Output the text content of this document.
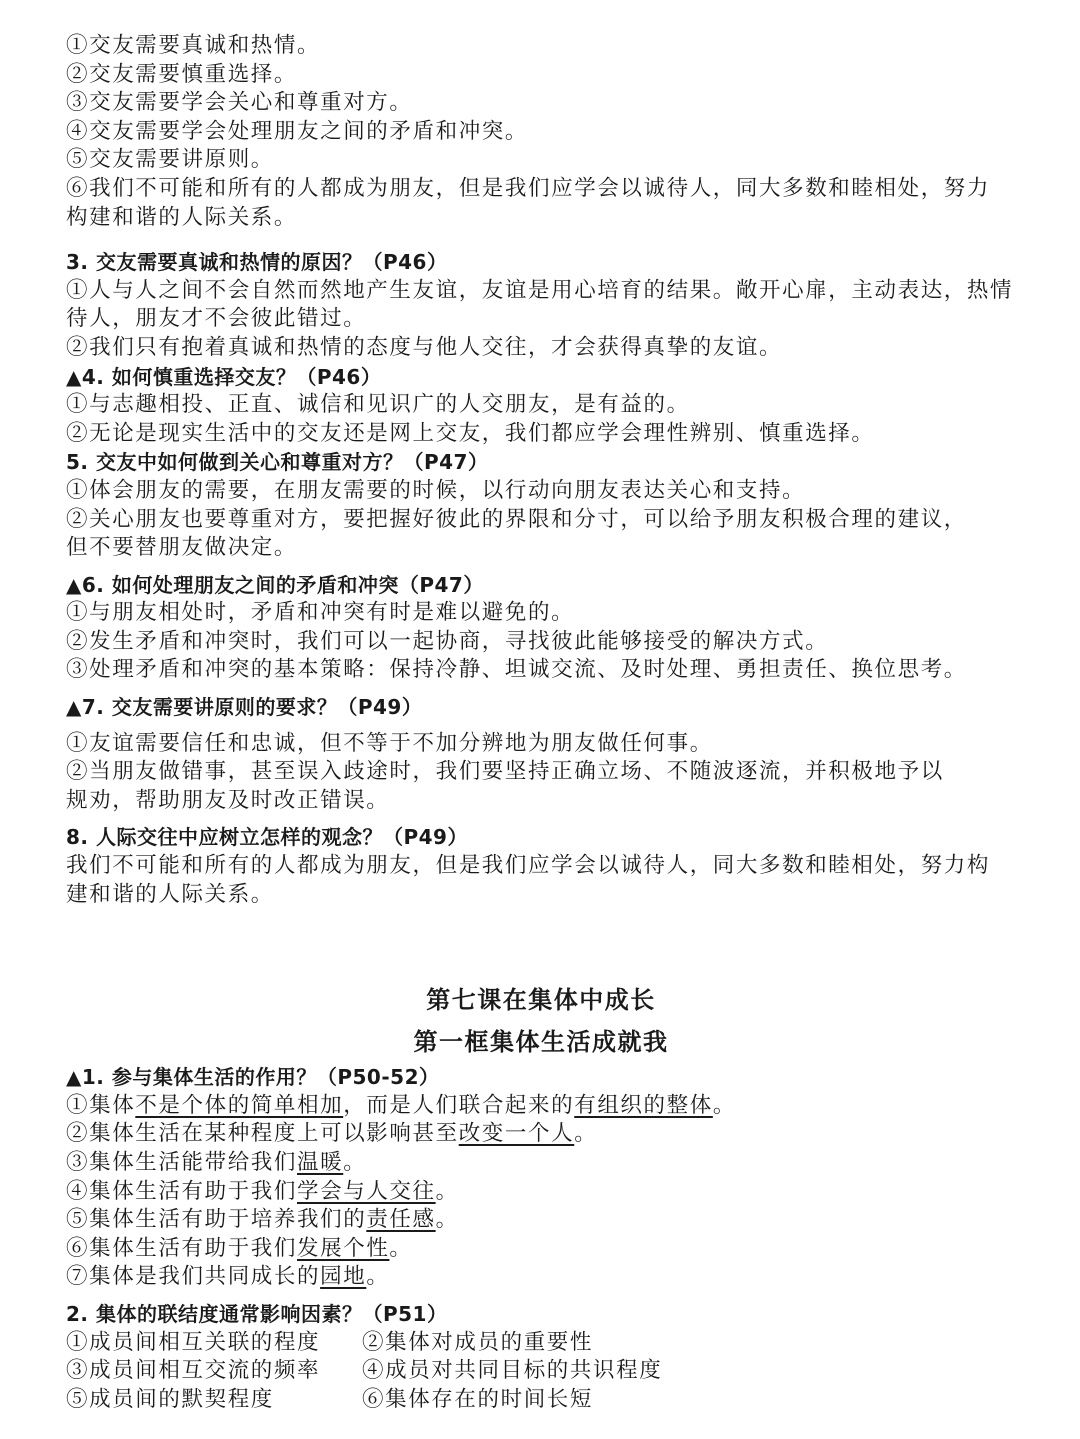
①交友需要真诚和热情。
②交友需要慎重选择。
③交友需要学会关心和尊重对方。
④交友需要学会处理朋友之间的矛盾和冲突。
⑤交友需要讲原则。
⑥我们不可能和所有的人都成为朋友，但是我们应学会以诚待人，同大多数和睦相处，努力
构建和谐的人际关系。
3. 交友需要真诚和热情的原因？（P46）
①人与人之间不会自然而然地产生友谊，友谊是用心培育的结果。敞开心扉，主动表达，热情
待人，朋友才不会彼此错过。
②我们只有抱着真诚和热情的态度与他人交往，才会获得真挚的友谊。
▲4. 如何慎重选择交友？（P46）
①与志趣相投、正直、诚信和见识广的人交朋友，是有益的。
②无论是现实生活中的交友还是网上交友，我们都应学会理性辨别、慎重选择。
5. 交友中如何做到关心和尊重对方？（P47）
①体会朋友的需要，在朋友需要的时候，以行动向朋友表达关心和支持。
②关心朋友也要尊重对方，要把握好彼此的界限和分寸，可以给予朋友积极合理的建议，
但不要替朋友做决定。
▲6. 如何处理朋友之间的矛盾和冲突（P47）
①与朋友相处时，矛盾和冲突有时是难以避免的。
②发生矛盾和冲突时，我们可以一起协商，寻找彼此能够接受的解决方式。
③处理矛盾和冲突的基本策略：保持冷静、坦诚交流、及时处理、勇担责任、换位思考。
▲7. 交友需要讲原则的要求？（P49）
①友谊需要信任和忠诚，但不等于不加分辨地为朋友做任何事。
②当朋友做错事，甚至误入歧途时，我们要坚持正确立场、不随波逐流，并积极地予以
规劝，帮助朋友及时改正错误。
8. 人际交往中应树立怎样的观念？（P49）
我们不可能和所有的人都成为朋友，但是我们应学会以诚待人，同大多数和睦相处，努力构
建和谐的人际关系。
第七课在集体中成长
第一框集体生活成就我
▲1. 参与集体生活的作用？（P50-52）
①集体不是个体的简单相加，而是人们联合起来的有组织的整体。
②集体生活在某种程度上可以影响甚至改变一个人。
③集体生活能带给我们温暖。
④集体生活有助于我们学会与人交往。
⑤集体生活有助于培养我们的责任感。
⑥集体生活有助于我们发展个性。
⑦集体是我们共同成长的园地。
2. 集体的联结度通常影响因素？（P51）
①成员间相互关联的程度	②集体对成员的重要性
③成员间相互交流的频率	④成员对共同目标的共识程度
⑤成员间的默契程度	⑥集体存在的时间长短
